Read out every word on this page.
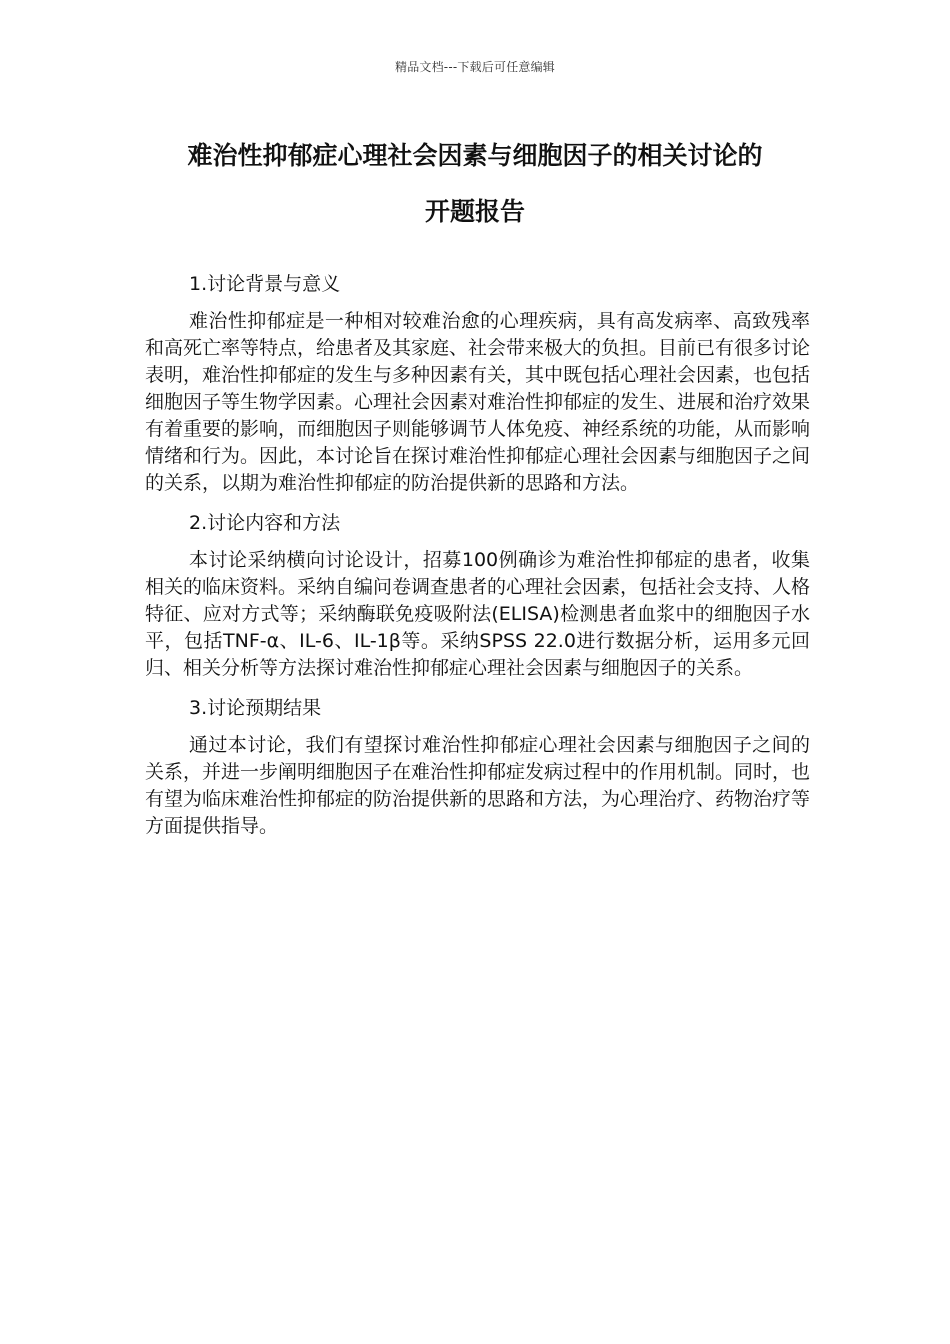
精品文档---下载后可任意编辑
难治性抑郁症心理社会因素与细胞因子的相关讨论的
开题报告
1.讨论背景与意义

难治性抑郁症是一种相对较难治愈的心理疾病，具有高发病率、高致残率和高死亡率等特点，给患者及其家庭、社会带来极大的负担。目前已有很多讨论表明，难治性抑郁症的发生与多种因素有关，其中既包括心理社会因素，也包括细胞因子等生物学因素。心理社会因素对难治性抑郁症的发生、进展和治疗效果有着重要的影响，而细胞因子则能够调节人体免疫、神经系统的功能，从而影响情绪和行为。因此，本讨论旨在探讨难治性抑郁症心理社会因素与细胞因子之间的关系，以期为难治性抑郁症的防治提供新的思路和方法。

2.讨论内容和方法

本讨论采纳横向讨论设计，招募100例确诊为难治性抑郁症的患者，收集相关的临床资料。采纳自编问卷调查患者的心理社会因素，包括社会支持、人格特征、应对方式等；采纳酶联免疫吸附法(ELISA)检测患者血浆中的细胞因子水平，包括TNF-α、IL-6、IL-1β等。采纳SPSS 22.0进行数据分析，运用多元回归、相关分析等方法探讨难治性抑郁症心理社会因素与细胞因子的关系。

3.讨论预期结果

通过本讨论，我们有望探讨难治性抑郁症心理社会因素与细胞因子之间的关系，并进一步阐明细胞因子在难治性抑郁症发病过程中的作用机制。同时，也有望为临床难治性抑郁症的防治提供新的思路和方法，为心理治疗、药物治疗等方面提供指导。
